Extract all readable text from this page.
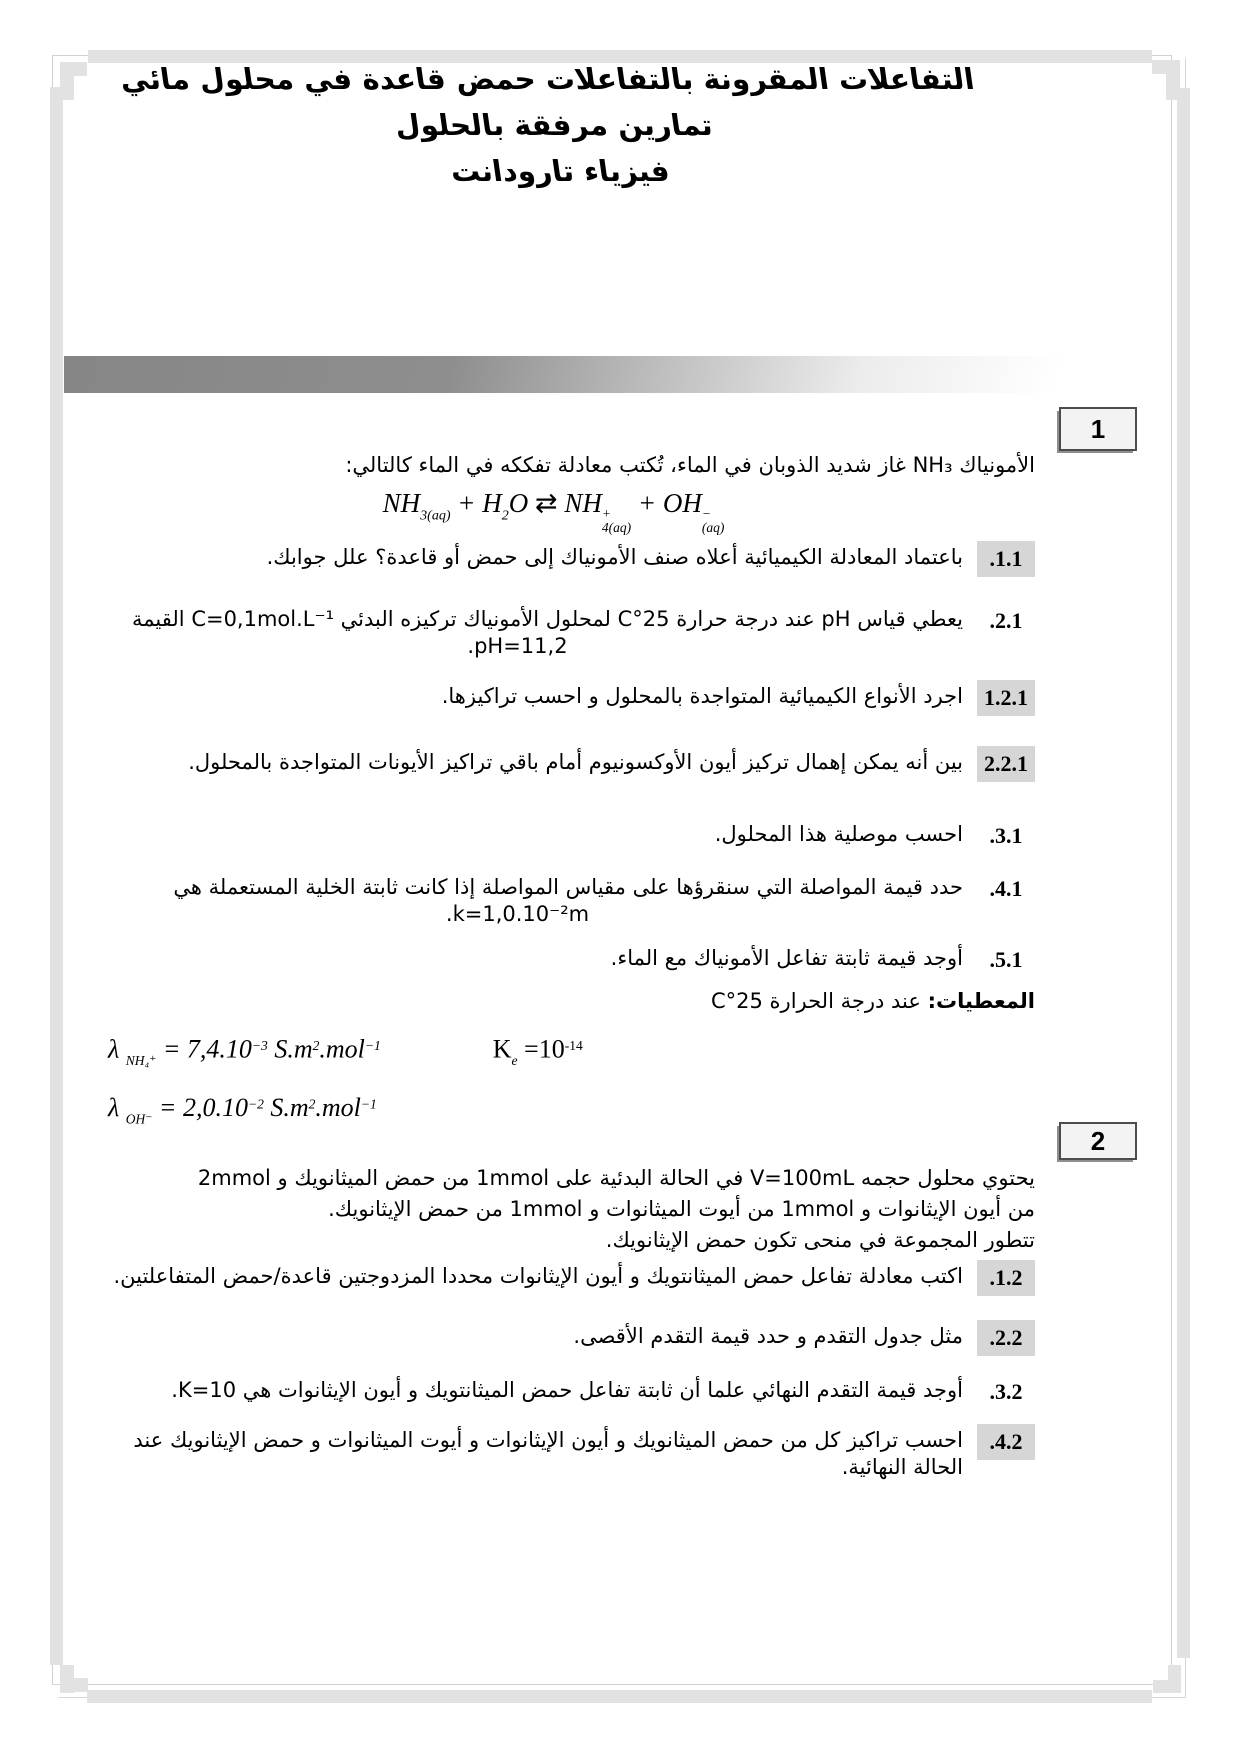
التفاعلات المقرونة بالتفاعلات حمض قاعدة في محلول مائي
تمارين مرفقة بالحلول
فيزياء تارودانت
1
الأمونياك NH₃ غاز شديد الذوبان في الماء، تُكتب معادلة تفككه في الماء كالتالي:
$NH_{3(aq)} + H_2O$ ⇄ NH +
4(aq)
+ OH −
(aq)
.1.1
باعتماد المعادلة الكيميائية أعلاه صنف الأمونياك إلى حمض أو قاعدة؟ علل جوابك.
.2.1
يعطي قياس pH عند درجة حرارة 25°C لمحلول الأمونياك تركيزه البدئي C=0,1mol.L⁻¹ القيمة
pH=11,2.
1.2.1
اجرد الأنواع الكيميائية المتواجدة بالمحلول و احسب تراكيزها.
2.2.1
بين أنه يمكن إهمال تركيز أيون الأوكسونيوم أمام باقي تراكيز الأيونات المتواجدة بالمحلول.
.3.1
احسب موصلية هذا المحلول.
.4.1
حدد قيمة المواصلة التي سنقرؤها على مقياس المواصلة إذا كانت ثابتة الخلية المستعملة هي
k=1,0.10⁻²m.
.5.1
أوجد قيمة ثابتة تفاعل الأمونياك مع الماء.
المعطيات: عند درجة الحرارة 25°C
λ $_{NH_4^+} = 7,4.10^{-3}$ $S.m^2.mol^{-1}$	$K_e =10^{-14}$
λ $_{OH^-} = 2,0.10^{-2}$ $S.m^2.mol^{-1}$
2
يحتوي محلول حجمه V=100mL في الحالة البدئية على 1mmol من حمض الميثانويك و 2mmol
من أيون الإيثانوات و 1mmol من أيوت الميثانوات و 1mmol من حمض الإيثانويك.
تتطور المجموعة في منحى تكون حمض الإيثانويك.
.1.2
اكتب معادلة تفاعل حمض الميثانتويك و أيون الإيثانوات محددا المزدوجتين قاعدة/حمض المتفاعلتين.
.2.2
مثل جدول التقدم و حدد قيمة التقدم الأقصى.
.3.2
أوجد قيمة التقدم النهائي علما أن ثابتة تفاعل حمض الميثانتويك و أيون الإيثانوات هي K=10.
.4.2
احسب تراكيز كل من حمض الميثانويك و أيون الإيثانوات و أيوت الميثانوات و حمض الإيثانويك عند
الحالة النهائية.
